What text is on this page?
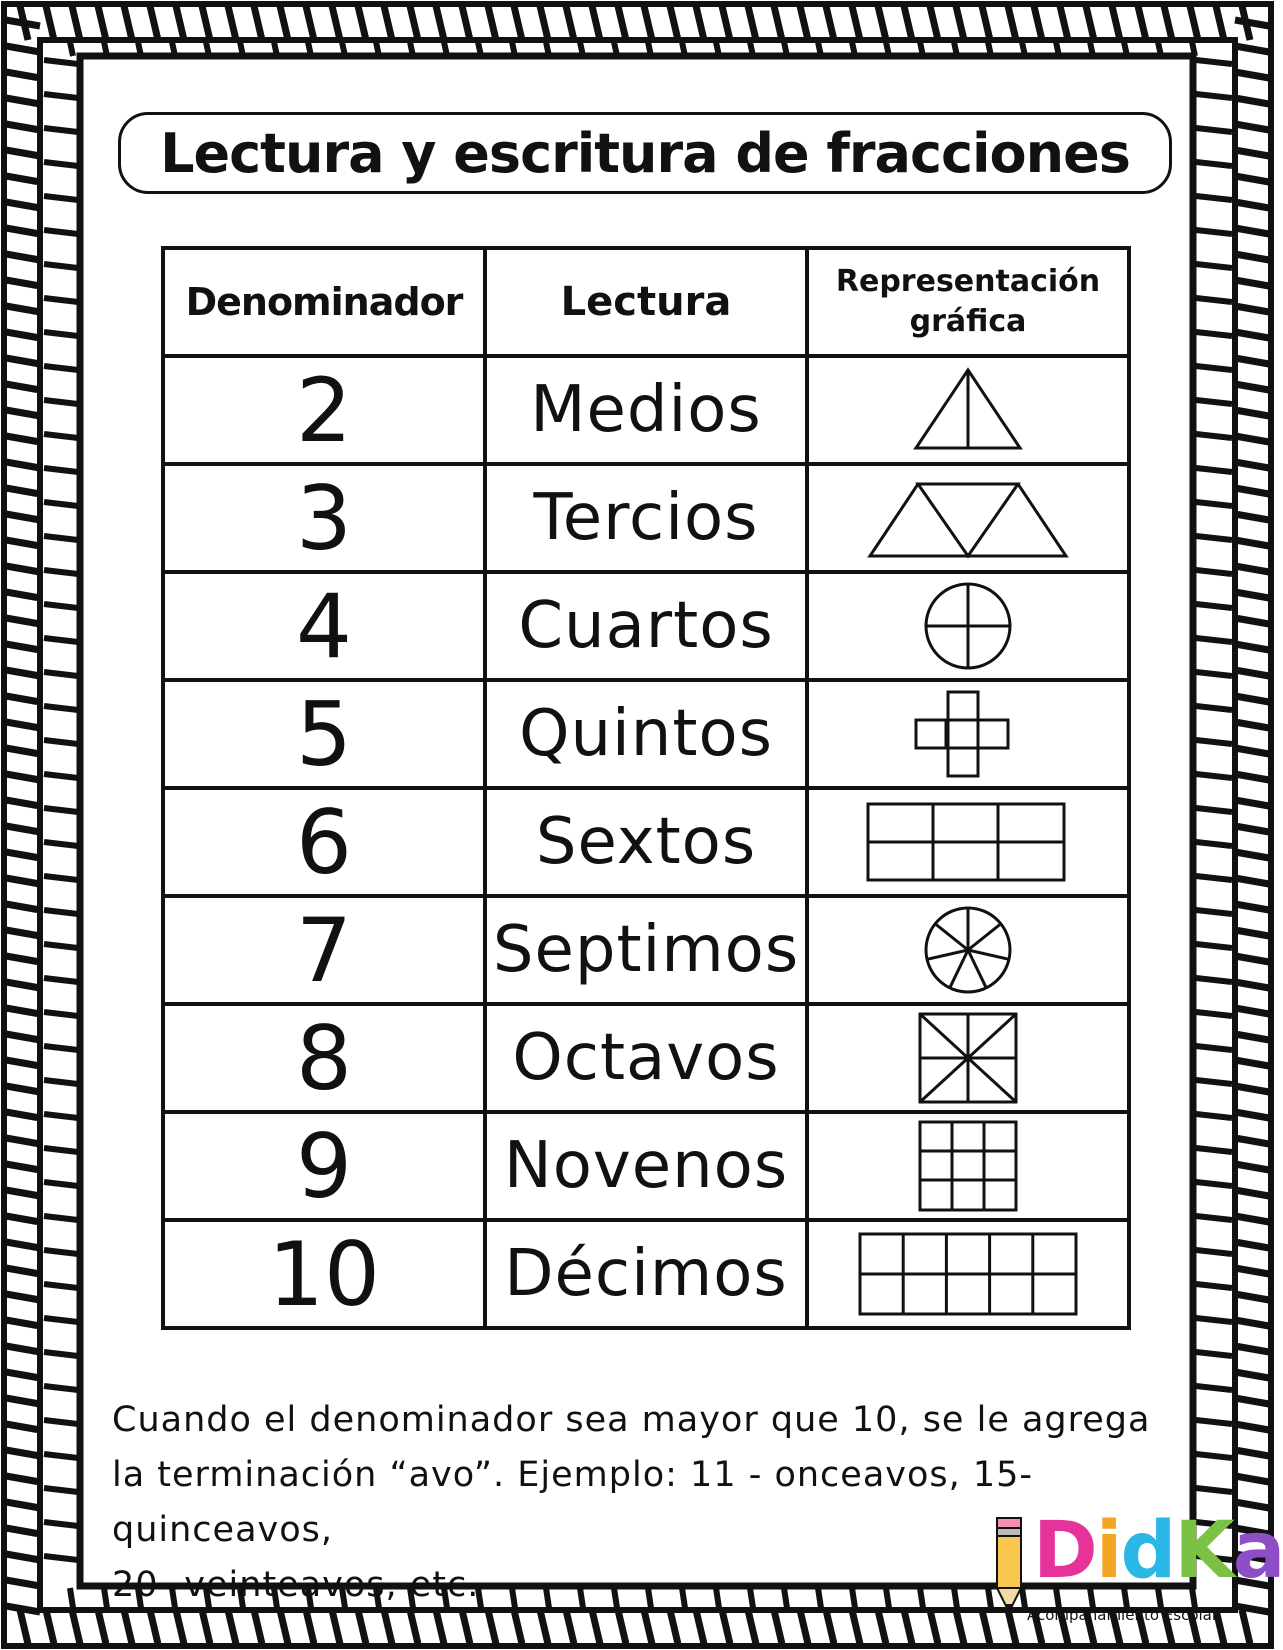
Lectura y escritura de fracciones
Denominador	Lectura	Representación
gráfica
2	Medios	

3	Tercios	

4	Cuartos	

5	Quintos	

6	Sextos	

7	Septimos	

8	Octavos	

9	Novenos	

10	Décimos	
Cuando el denominador sea mayor que 10, se le agrega
la terminación “avo”. Ejemplo: 11 - onceavos, 15-quinceavos,
20- veinteavos, etc.	DidKa
Acompañamiento Escolar
